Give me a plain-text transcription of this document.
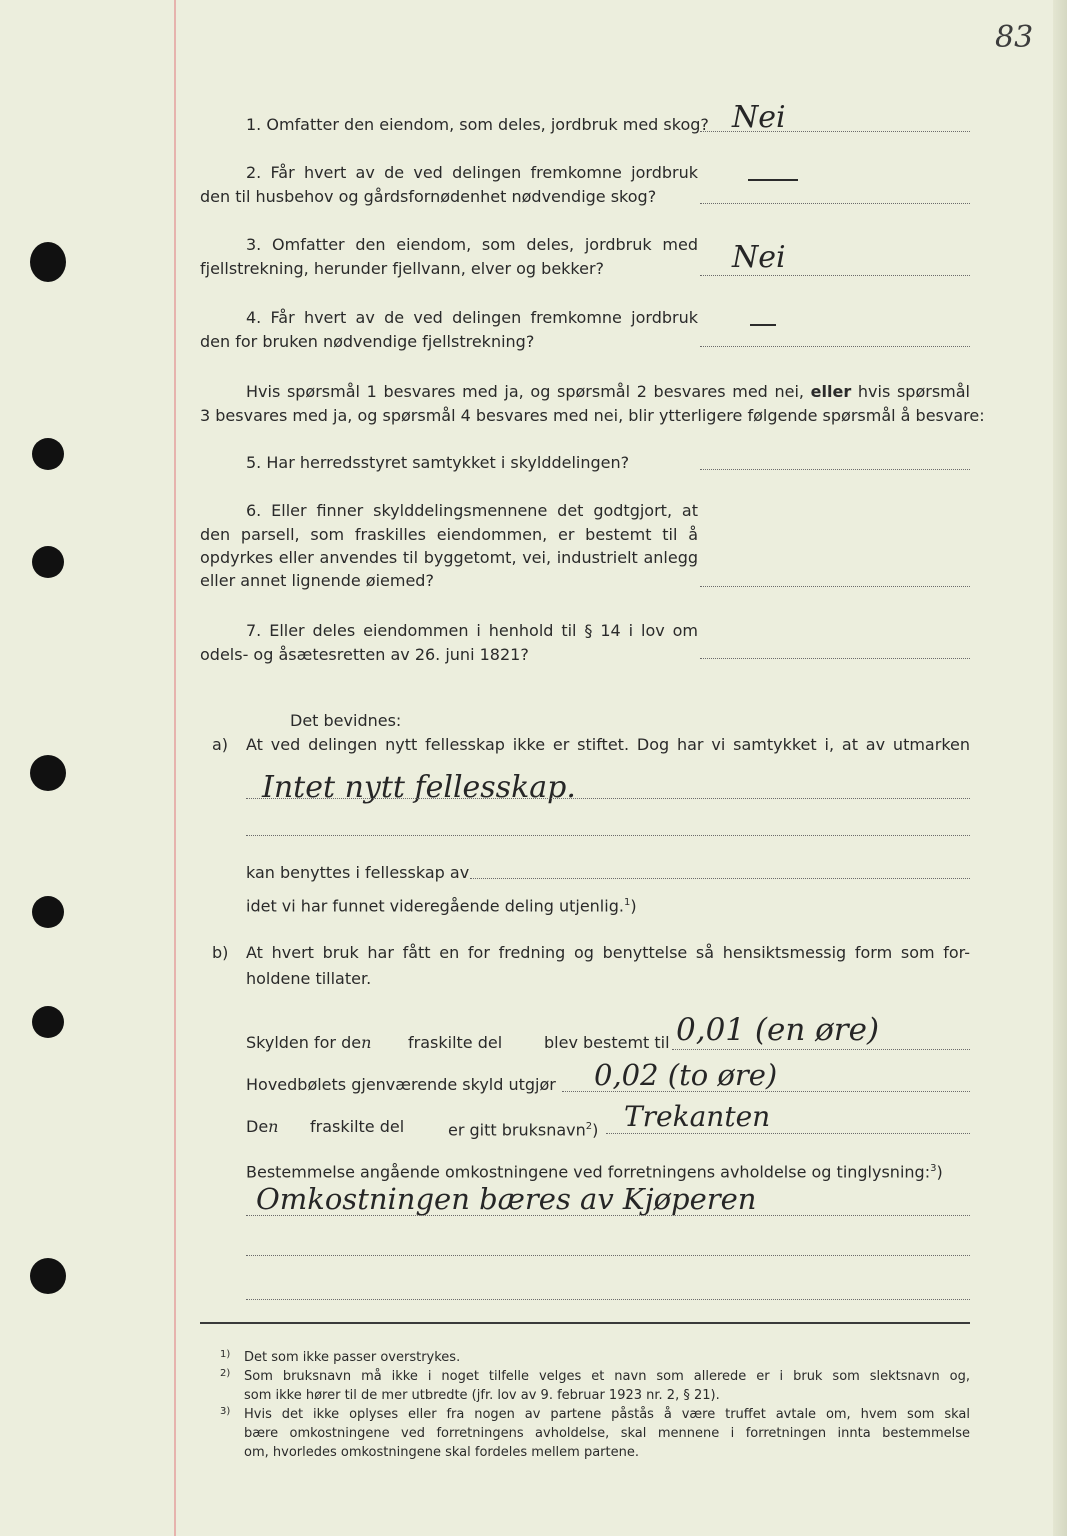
83
1. Omfatter den eiendom, som deles, jordbruk med skog? Nei
2. Får hvert av de ved delingen fremkomne jordbruk
den til husbehov og gårdsfornødenhet nødvendige skog?
3. Omfatter den eiendom, som deles, jordbruk med
fjellstrekning, herunder fjellvann, elver og bekker?	Nei
4. Får hvert av de ved delingen fremkomne jordbruk
den for bruken nødvendige fjellstrekning?
Hvis spørsmål 1 besvares med ja, og spørsmål 2 besvares med nei, eller hvis spørsmål
3 besvares med ja, og spørsmål 4 besvares med nei, blir ytterligere følgende spørsmål å besvare:
5. Har herredsstyret samtykket i skylddelingen?
6. Eller finner skylddelingsmennene det godtgjort, at
den parsell, som fraskilles eiendommen, er bestemt til å
opdyrkes eller anvendes til byggetomt, vei, industrielt anlegg
eller annet lignende øiemed?
7. Eller deles eiendommen i henhold til § 14 i lov om
odels- og åsætesretten av 26. juni 1821?
Det bevidnes:
a) At ved delingen nytt fellesskap ikke er stiftet. Dog har vi samtykket i, at av utmarken
Intet nytt fellesskap.
kan benyttes i fellesskap av
idet vi har funnet videregående deling utjenlig.$^1$)
b) At hvert bruk har fått en for fredning og benyttelse så hensiktsmessig form som for-
holdene tillater.
Skylden for den fraskilte del	blev bestemt til 0,01 (en øre)
Hovedbølets gjenværende skyld utgjør 0,02 (to øre)
Den fraskilte del	er gitt bruksnavn$^2$) Trekanten
Bestemmelse angående omkostningene ved forretningens avholdelse og tinglysning:$^3$)
Omkostningen bæres av Kjøperen
1) Det som ikke passer overstrykes.
2) Som bruksnavn må ikke i noget tilfelle velges et navn som allerede er i bruk som slektsnavn og,
som ikke hører til de mer utbredte (jfr. lov av 9. februar 1923 nr. 2, § 21).
3) Hvis det ikke oplyses eller fra nogen av partene påstås å være truffet avtale om, hvem som skal
bære omkostningene ved forretningens avholdelse, skal mennene i forretningen innta bestemmelse
om, hvorledes omkostningene skal fordeles mellem partene.
